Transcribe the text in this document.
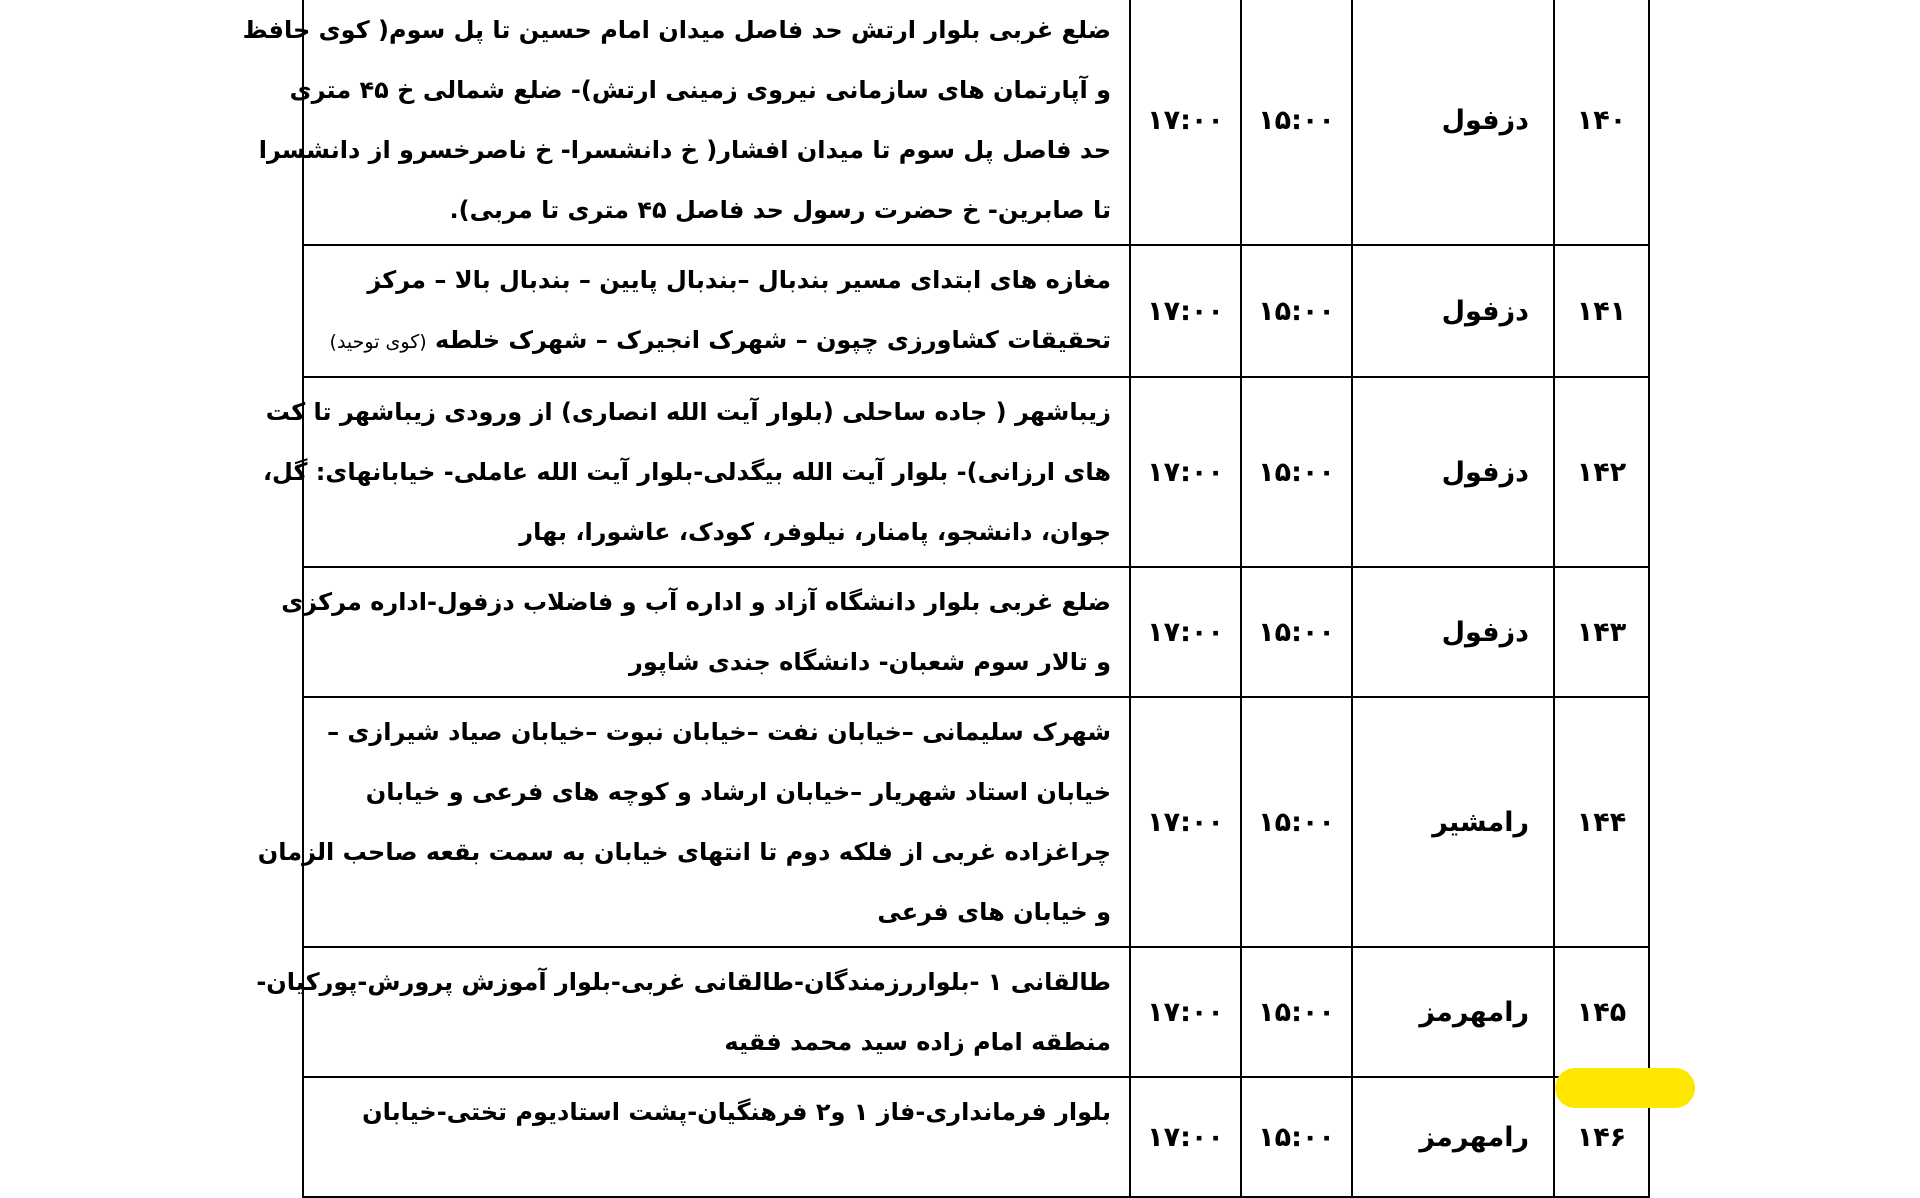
۱۴۰	دزفول	۱۵:۰۰	۱۷:۰۰	ضلع غربی بلوار ارتش حد فاصل میدان امام حسین تا پل سوم( کوی حافظ
و آپارتمان های سازمانی نیروی زمینی ارتش)- ضلع شمالی خ ۴۵ متری
حد فاصل پل سوم تا میدان افشار( خ دانشسرا- خ ناصرخسرو از دانشسرا
تا صابرین- خ حضرت رسول حد فاصل ۴۵ متری تا مربی).

۱۴۱	دزفول	۱۵:۰۰	۱۷:۰۰	مغازه های ابتدای مسیر بندبال –بندبال پایین – بندبال بالا – مرکز
تحقیقات کشاورزی چپون – شهرک انجیرک – شهرک خلطه (کوی توحید)

۱۴۲	دزفول	۱۵:۰۰	۱۷:۰۰	زیباشهر ( جاده ساحلی (بلوار آیت الله انصاری) از ورودی زیباشهر تا کت
های ارزانی)- بلوار آیت الله بیگدلی-بلوار آیت الله عاملی- خیابانهای: گل،
جوان، دانشجو، پامنار، نیلوفر، کودک، عاشورا، بهار

۱۴۳	دزفول	۱۵:۰۰	۱۷:۰۰	ضلع غربی بلوار دانشگاه آزاد و اداره آب و فاضلاب دزفول-اداره مرکزی
و تالار سوم شعبان- دانشگاه جندی شاپور

۱۴۴	رامشیر	۱۵:۰۰	۱۷:۰۰	شهرک سلیمانی –خیابان نفت –خیابان نبوت –خیابان صیاد شیرازی –
خیابان استاد شهریار –خیابان ارشاد و کوچه های فرعی و خیابان
چراغزاده غربی از فلکه دوم تا انتهای خیابان به سمت بقعه صاحب الزمان
و خیابان های فرعی

۱۴۵	رامهرمز	۱۵:۰۰	۱۷:۰۰	طالقانی ۱ -بلواررزمندگان-طالقانی غربی-بلوار آموزش پرورش-پورکیان-
منطقه امام زاده سید محمد فقیه

۱۴۶	رامهرمز	۱۵:۰۰	۱۷:۰۰	بلوار فرمانداری-فاز ۱ و۲ فرهنگیان-پشت استادیوم تختی-خیابان
